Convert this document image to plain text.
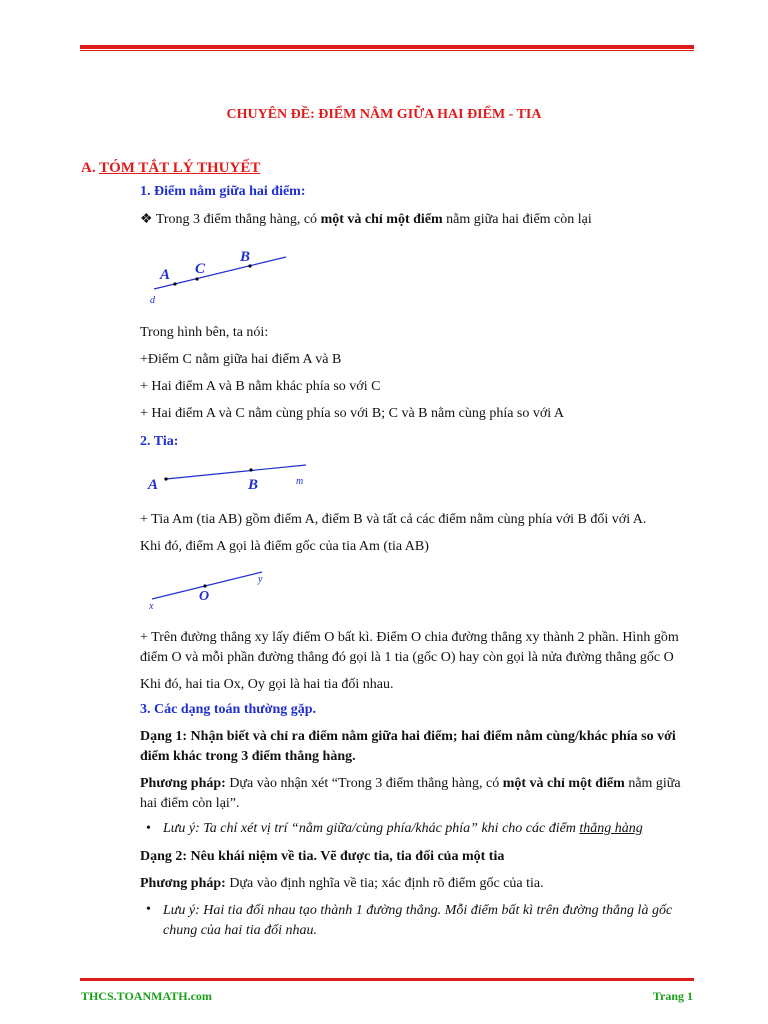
CHUYÊN ĐỀ: ĐIỂM NẰM GIỮA HAI ĐIỂM - TIA
A. TÓM TẮT LÝ THUYẾT
1. Điểm nằm giữa hai điểm:
❖ Trong 3 điểm thẳng hàng, có một và chỉ một điểm nằm giữa hai điểm còn lại
A C
B
d
Trong hình bên, ta nói:
+Điểm C nằm giữa hai điểm A và B
+ Hai điểm A và B nằm khác phía so với C
+ Hai điểm A và C nằm cùng phía so với B; C và B nằm cùng phía so với A
2. Tia:
A	B	m
+ Tia Am (tia AB) gồm điểm A, điểm B và tất cả các điểm nằm cùng phía với B đối với A.
Khi đó, điểm A gọi là điểm gốc của tia Am (tia AB)
x
O
y
+ Trên đường thẳng xy lấy điểm O bất kì. Điểm O chia đường thẳng xy thành 2 phần. Hình gồm điểm O và mỗi phần đường thẳng đó gọi là 1 tia (gốc O) hay còn gọi là nửa đường thẳng gốc O
Khi đó, hai tia Ox, Oy gọi là hai tia đối nhau.
3. Các dạng toán thường gặp.
Dạng 1: Nhận biết và chỉ ra điểm nằm giữa hai điểm; hai điểm nằm cùng/khác phía so với điểm khác trong 3 điểm thẳng hàng.
Phương pháp: Dựa vào nhận xét “Trong 3 điểm thẳng hàng, có một và chỉ một điểm nằm giữa hai điểm còn lại”.
• Lưu ý: Ta chỉ xét vị trí “nằm giữa/cùng phía/khác phía” khi cho các điểm thẳng hàng
Dạng 2: Nêu khái niệm về tia. Vẽ được tia, tia đối của một tia
Phương pháp: Dựa vào định nghĩa về tia; xác định rõ điểm gốc của tia.
• Lưu ý: Hai tia đối nhau tạo thành 1 đường thẳng. Mỗi điểm bất kì trên đường thẳng là gốc chung của hai tia đối nhau.
THCS.TOANMATH.com	Trang 1
